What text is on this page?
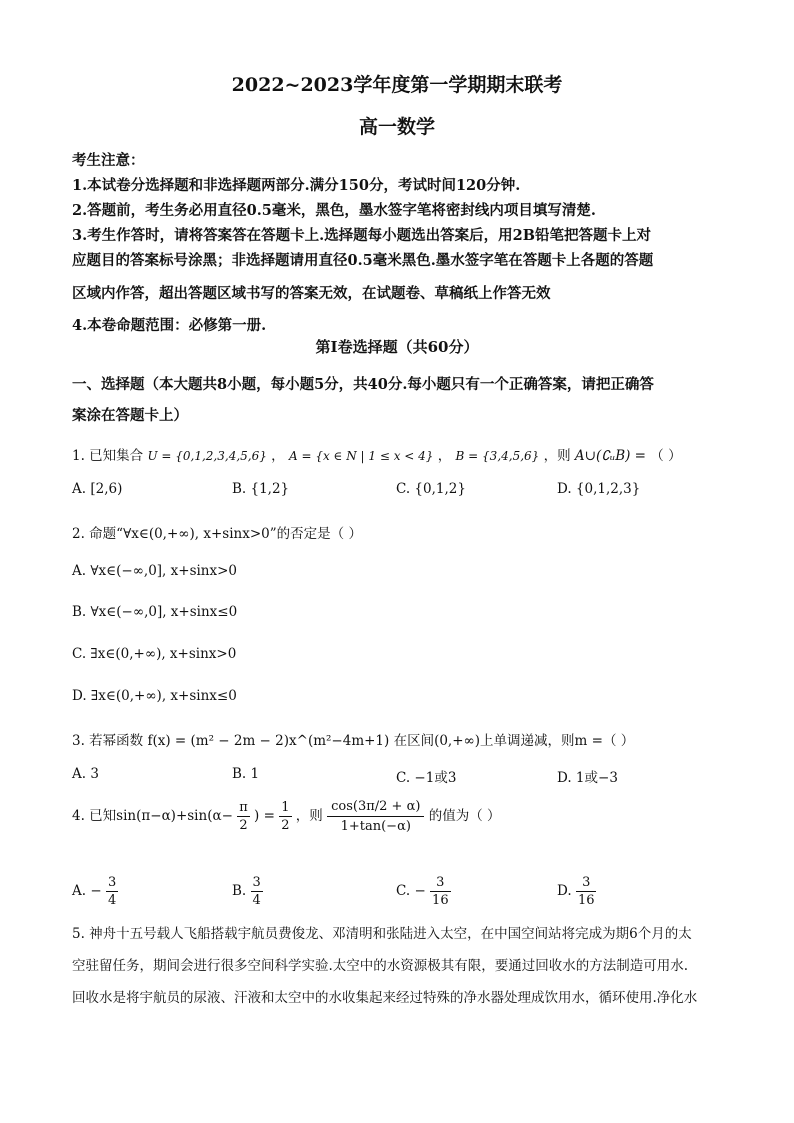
2022~2023学年度第一学期期末联考
高一数学
考生注意：
1.本试卷分选择题和非选择题两部分.满分150分，考试时间120分钟.
2.答题前，考生务必用直径0.5毫米，黑色，墨水签字笔将密封线内项目填写清楚.
3.考生作答时，请将答案答在答题卡上.选择题每小题选出答案后，用2B铅笔把答题卡上对
应题目的答案标号涂黑；非选择题请用直径0.5毫米黑色.墨水签字笔在答题卡上各题的答题
区域内作答，超出答题区域书写的答案无效，在试题卷、草稿纸上作答无效
4.本卷命题范围：必修第一册.
第I卷选择题（共60分）
一、选择题（本大题共8小题，每小题5分，共40分.每小题只有一个正确答案，请把正确答
案涂在答题卡上）
1. 已知集合 U = {0,1,2,3,4,5,6} ， A = {x ∈ N | 1 ≤ x < 4} ， B = {3,4,5,6} ，则 A∪(∁ᵤB) = （ ）
A. [2,6)	B. {1,2}	C. {0,1,2}	D. {0,1,2,3}
2. 命题“∀x∈(0,+∞), x+sinx>0”的否定是（ ）
A. ∀x∈(−∞,0], x+sinx>0
B. ∀x∈(−∞,0], x+sinx≤0
C. ∃x∈(0,+∞), x+sinx>0
D. ∃x∈(0,+∞), x+sinx≤0
3. 若幂函数 f(x) = (m² − 2m − 2)x^(m²−4m+1) 在区间(0,+∞)上单调递减，则m =（ ）
A. 3	B. 1	C. −1或3	D. 1或−3
4. 已知$\sin(\pi-\alpha)+\sin(\alpha- \frac{\pi}{2}$ ) = $\frac{1}{2}$ ，则 $\frac{\cos(3\pi/2 + \alpha)}{1+\tan(-\alpha)}$ 的值为（ ）
A. − $\frac{3}{4}$	B. $\frac{3}{4}$	C. − $\frac{3}{16}$	D. $\frac{3}{16}$
5. 神舟十五号载人飞船搭载宇航员费俊龙、邓清明和张陆进入太空，在中国空间站将完成为期6个月的太
空驻留任务，期间会进行很多空间科学实验.太空中的水资源极其有限，要通过回收水的方法制造可用水.
回收水是将宇航员的尿液、汗液和太空中的水收集起来经过特殊的净水器处理成饮用水，循环使用.净化水
